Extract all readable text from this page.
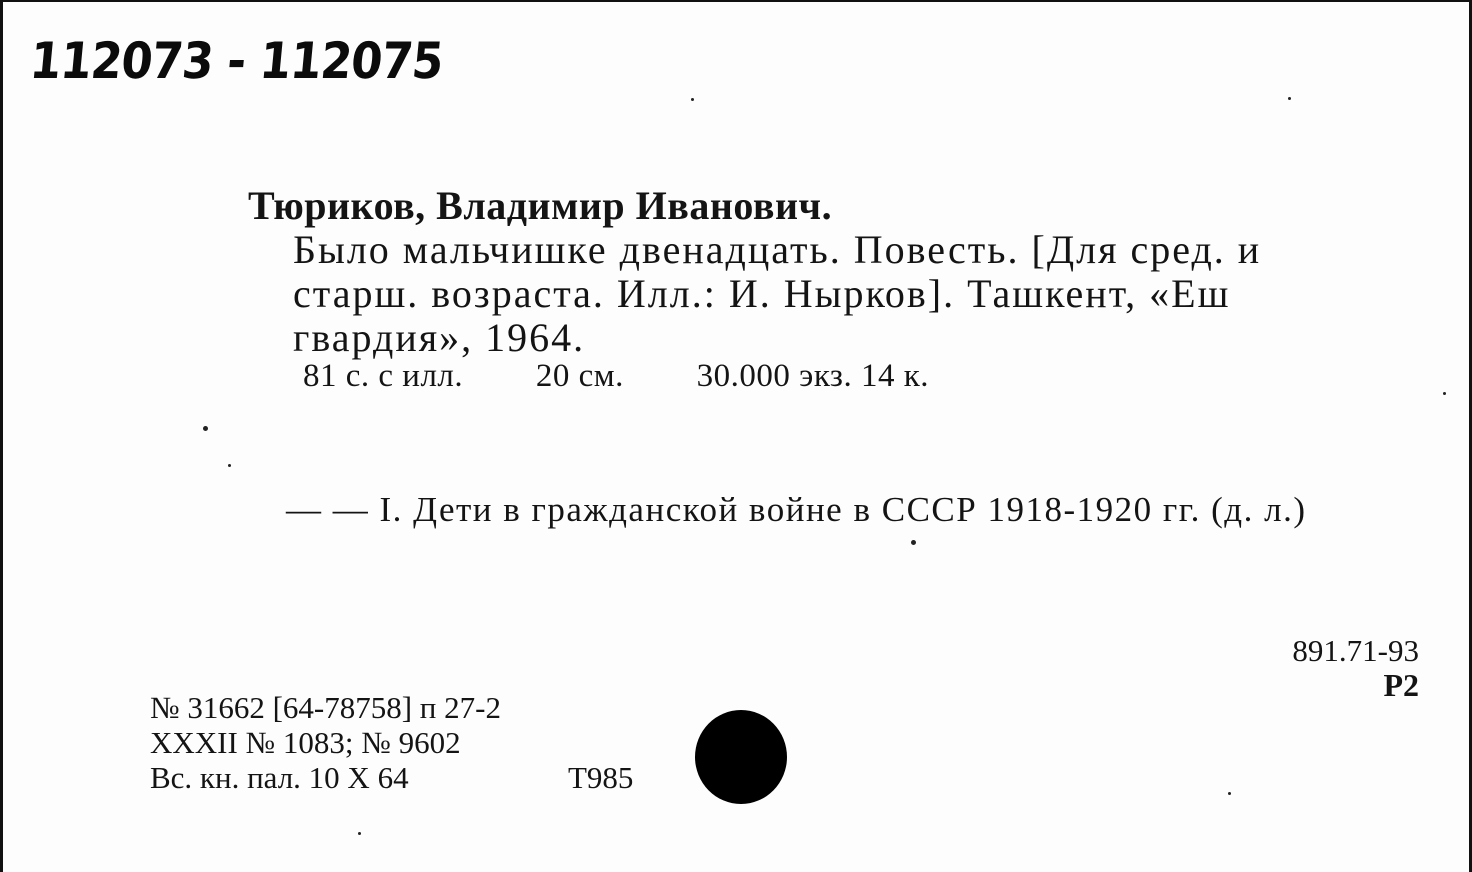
112073 - 112075
Тюриков, Владимир Иванович.
Было мальчишке двенадцать. Повесть. [Для сред. и
старш. возраста. Илл.: И. Нырков]. Ташкент, «Еш
гвардия», 1964.
81 с. с илл. 20 см. 30.000 экз. 14 к.
— — I. Дети в гражданской войне в СССР 1918-1920 гг. (д. л.)
891.71-93
Р2
№ 31662 [64-78758] п 27-2
XXXII № 1083; № 9602
Вс. кн. пал. 10 X 64	Т985
